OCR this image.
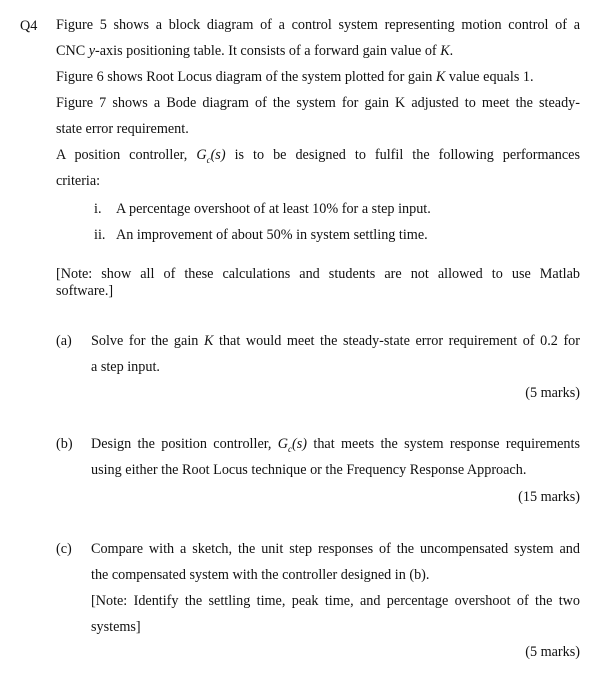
Q4 Figure 5 shows a block diagram of a control system representing motion control of a
CNC y-axis positioning table. It consists of a forward gain value of K.
Figure 6 shows Root Locus diagram of the system plotted for gain K value equals 1.
Figure 7 shows a Bode diagram of the system for gain K adjusted to meet the steady-
state error requirement.
A position controller, $G_c(s)$ is to be designed to fulfil the following performances
criteria:
i. A percentage overshoot of at least 10% for a step input.
ii. An improvement of about 50% in system settling time.
[Note: show all of these calculations and students are not allowed to use Matlab
software.]
(a) Solve for the gain K that would meet the steady-state error requirement of 0.2 for
a step input.
(5 marks)
(b) Design the position controller, $G_c(s)$ that meets the system response requirements
using either the Root Locus technique or the Frequency Response Approach.
(15 marks)
(c) Compare with a sketch, the unit step responses of the uncompensated system and
the compensated system with the controller designed in (b).
[Note: Identify the settling time, peak time, and percentage overshoot of the two
systems]
(5 marks)
